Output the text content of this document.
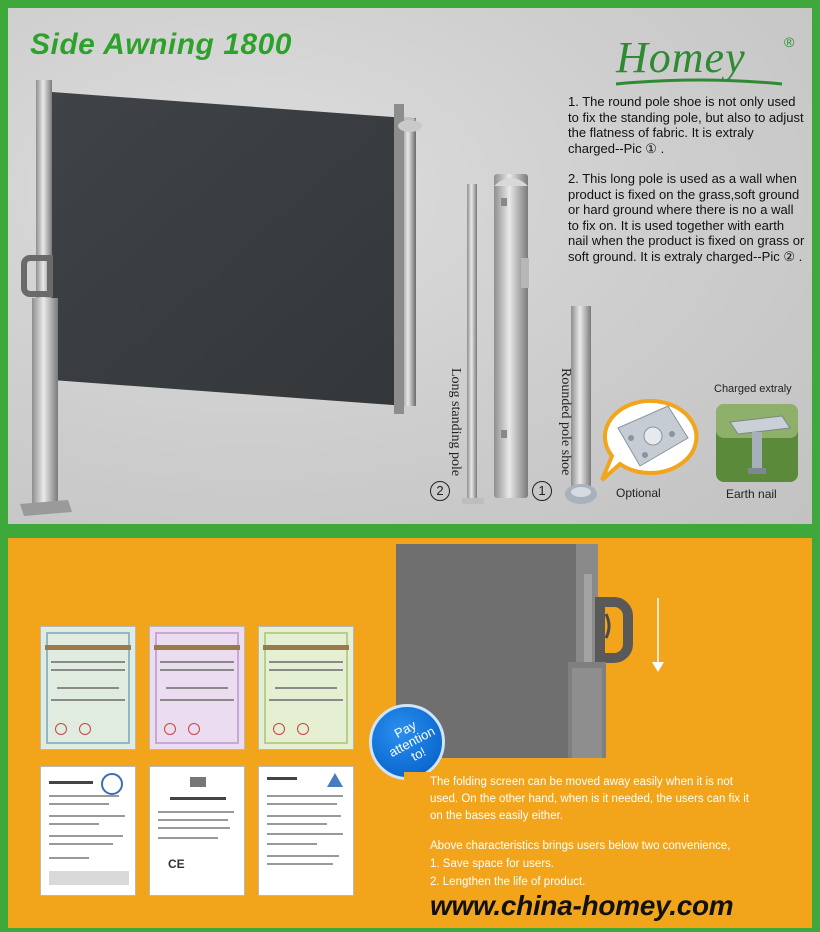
Side Awning 1800	Homey	®
1. The round pole shoe is not only used to fix the standing pole, but also to adjust the flatness of fabric. It is extraly charged--Pic ① .
2. This long pole is used as a wall when product is fixed on the grass,soft ground or hard ground where there is no a wall to fix on. It is used together with earth nail when the product is fixed on grass or soft ground. It is extraly charged--Pic ② .
Long standing pole	Rounded pole shoe
2	1
Charged extraly
Optional	Earth nail
CE
Pay attention to!
The folding screen can be moved away easily when it is not
used. On the other hand, when is it needed, the users can fix it
on the bases easily either.
Above characteristics brings users below two convenience,
1. Save space for users.
2. Lengthen the life of product.
www.china-homey.com
